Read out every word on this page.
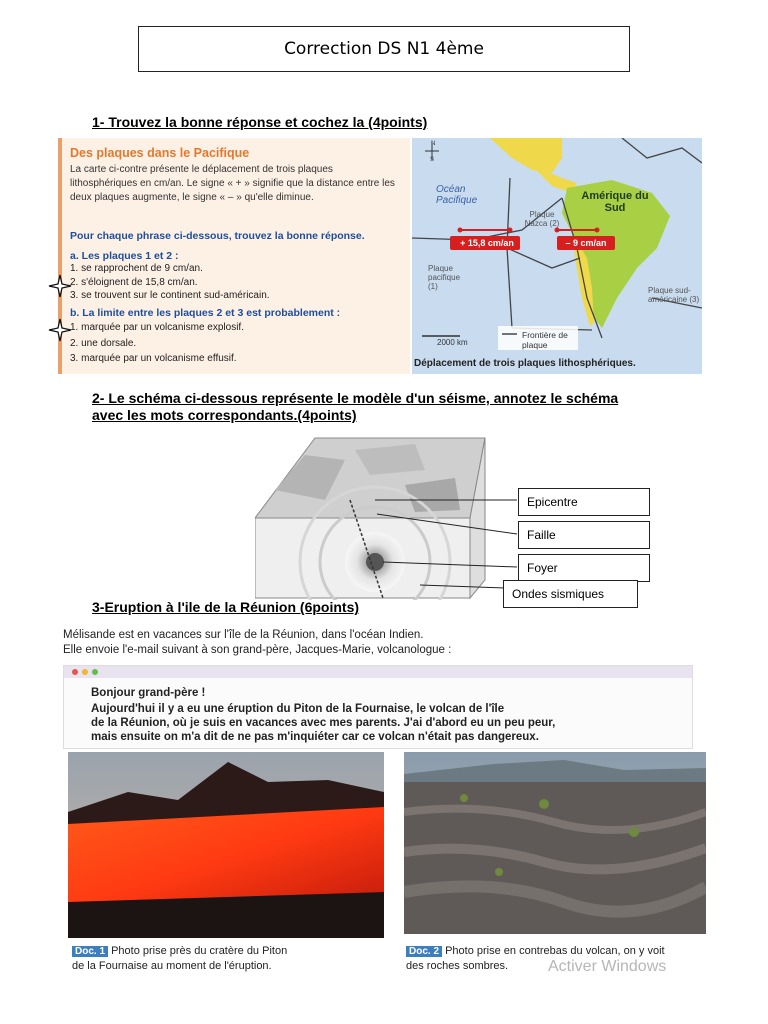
Correction DS N1 4ème
1- Trouvez la bonne réponse et cochez la (4points)
Des plaques dans le Pacifique
La carte ci-contre présente le déplacement de trois plaques lithosphériques en cm/an. Le signe « + » signifie que la distance entre les deux plaques augmente, le signe « – » qu'elle diminue.
Pour chaque phrase ci-dessous, trouvez la bonne réponse.
a. Les plaques 1 et 2 :
1. se rapprochent de 9 cm/an.
2. s'éloignent de 15,8 cm/an.
3. se trouvent sur le continent sud-américain.
b. La limite entre les plaques 2 et 3 est probablement :
1. marquée par un volcanisme explosif.
2. une dorsale.
3. marquée par un volcanisme effusif.
N
S
Océan Pacifique	Amérique du Sud
Plaque Nazca (2)
Plaque pacifique (1)	Plaque sud-américaine (3)
+ 15,8 cm/an	– 9 cm/an
2000 km
Frontière de plaque
Déplacement de trois plaques lithosphériques.
2- Le schéma ci-dessous représente le modèle d'un séisme, annotez le schéma
avec les mots correspondants.(4points)
Epicentre
Faille
Foyer
Ondes sismiques
3-Eruption à l'ile de la Réunion (6points)
Mélisande est en vacances sur l'île de la Réunion, dans l'océan Indien.
Elle envoie l'e-mail suivant à son grand-père, Jacques-Marie, volcanologue :
Bonjour grand-père !
Aujourd'hui il y a eu une éruption du Piton de la Fournaise, le volcan de l'île
de la Réunion, où je suis en vacances avec mes parents. J'ai d'abord eu un peu peur,
mais ensuite on m'a dit de ne pas m'inquiéter car ce volcan n'était pas dangereux.
Doc. 1 Photo prise près du cratère du Piton
de la Fournaise au moment de l'éruption.
Doc. 2 Photo prise en contrebas du volcan, on y voit
des roches sombres.	Activer Windows
